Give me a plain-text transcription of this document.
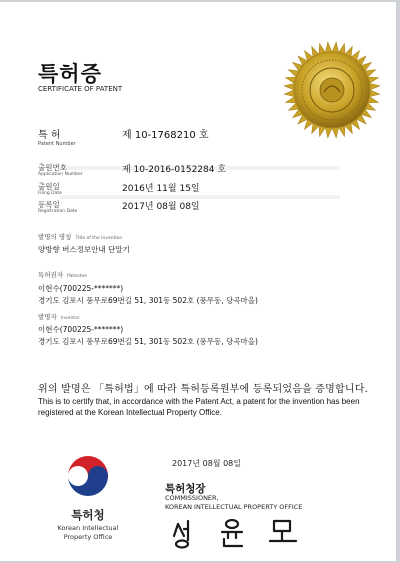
특허증
CERTIFICATE OF PATENT
특 허
Patent Number
제 10-1768210 호
출원번호
Application Number	제 10-2016-0152284 호
출원일
Filing Date	2016년 11월 15일
등록일
Registration Date	2017년 08월 08일
발명의 명칭 Title of the Invention
양방향 버스정보안내 단말기
특허권자 Patentee
이현수(700225-*******)
경기도 김포시 풍무로69번길 51, 301동 502호 (풍무동, 당곡마을)
발명자 Inventor
이현수(700225-*******)
경기도 김포시 풍무로69번길 51, 301동 502호 (풍무동, 당곡마을)
위의 발명은 「특허법」에 따라 특허등록원부에 등록되었음을 증명합니다.
This is to certify that, in accordance with the Patent Act, a patent for the invention has been registered at the Korean Intellectual Property Office.
2017년 08월 08일
특허청장
COMMISSIONER,
KOREAN INTELLECTUAL PROPERTY OFFICE
특허청
Korean Intellectual
Property Office
